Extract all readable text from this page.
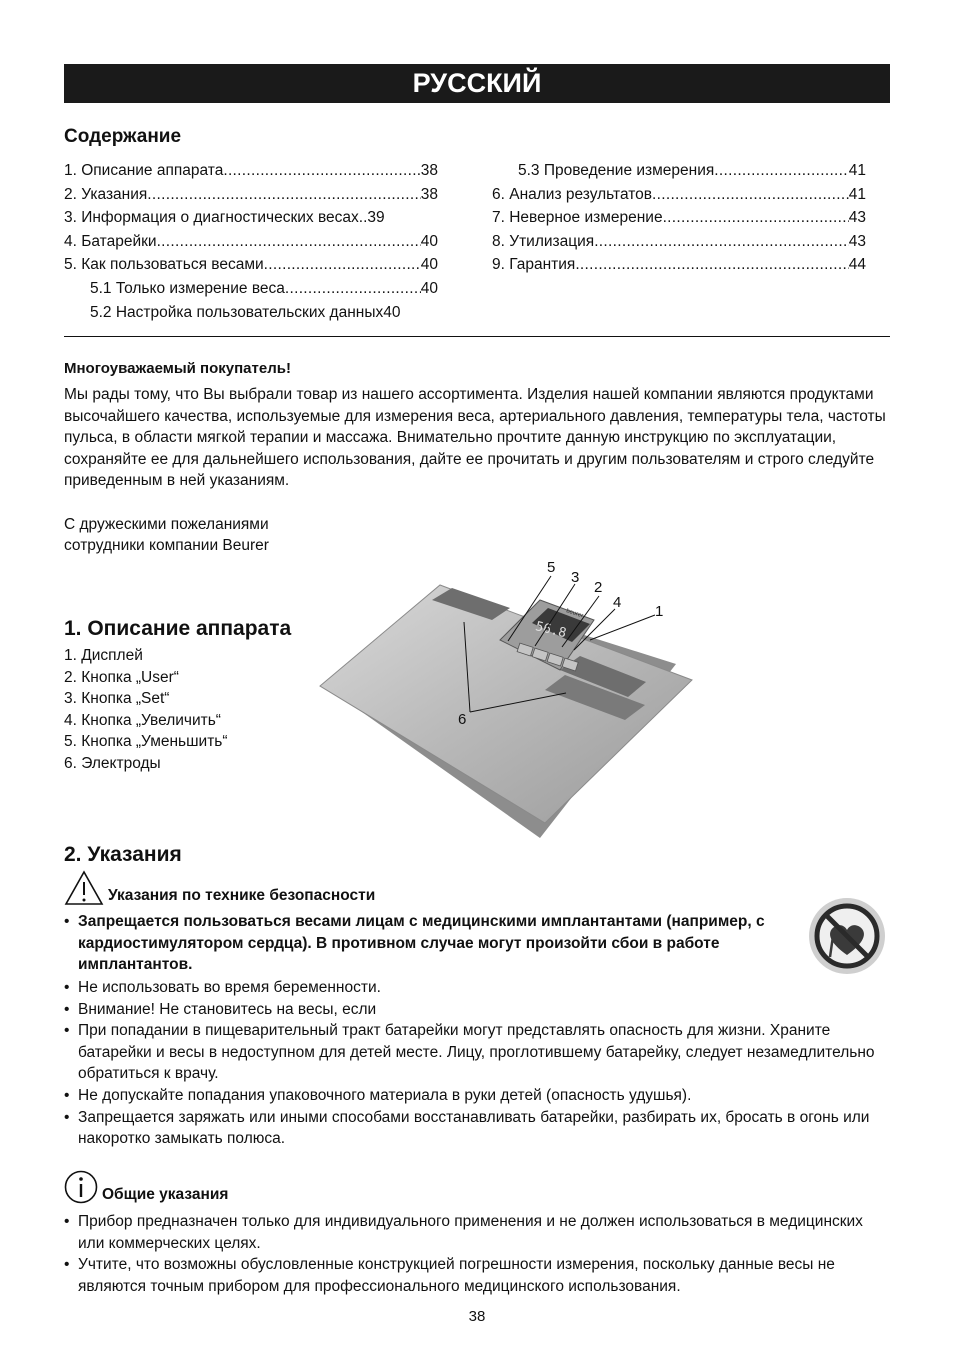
РУССКИЙ
Содержание
1. Описание аппарата .....	38
2. Указания .....	38
3. Информация о диагностических весах.. 39
4. Батарейки .....	40
5. Как пользоваться весами .....	40
5.1 Только измерение веса .....	40
5.2 Настройка пользовательских данных 40
5.3 Проведение измерения .....	41
6. Анализ результатов .....	41
7. Неверное измерение .....	43
8. Утилизация .....	43
9. Гарантия .....	44
Многоуважаемый покупатель!
Мы рады тому, что Вы выбрали товар из нашего ассортимента. Изделия нашей компании являются продуктами высочайшего качества, используемые для измерения веса, артериального давления, температуры тела, частоты пульса, в области мягкой терапии и массажа. Внимательно прочтите данную инструкцию по эксплуатации, сохраняйте ее для дальнейшего использования, дайте ее прочитать и другим пользователям и строго следуйте приведенным в ней указаниям.
С дружескими пожеланиями
сотрудники компании Beurer
1. Описание аппарата
1. Дисплей
2. Кнопка „User“
3. Кнопка „Set“
4. Кнопка „Увеличить“
5. Кнопка „Уменьшить“
6. Электроды
56.8
beurer
5
3
2
4
1
6
2. Указания
Указания по технике безопасности
• Запрещается пользоваться весами лицам с медицинскими имплантантами (например, с кардиостимулятором сердца). В противном случае могут произойти сбои в работе имплантантов.
• Не использовать во время беременности.
• Внимание! Не становитесь на весы, если
• При попадании в пищеварительный тракт батарейки могут представлять опасность для жизни. Храните батарейки и весы в недоступном для детей месте. Лицу, проглотившему батарейку, следует незамедлительно обратиться к врачу.
• Не допускайте попадания упаковочного материала в руки детей (опасность удушья).
• Запрещается заряжать или иными способами восстанавливать батарейки, разбирать их, бросать в огонь или накоротко замыкать полюса.
Общие указания
• Прибор предназначен только для индивидуального применения и не должен использоваться в медицинских или коммерческих целях.
• Учтите, что возможны обусловленные конструкцией погрешности измерения, поскольку данные весы не являются точным прибором для профессионального медицинского использования.
38
